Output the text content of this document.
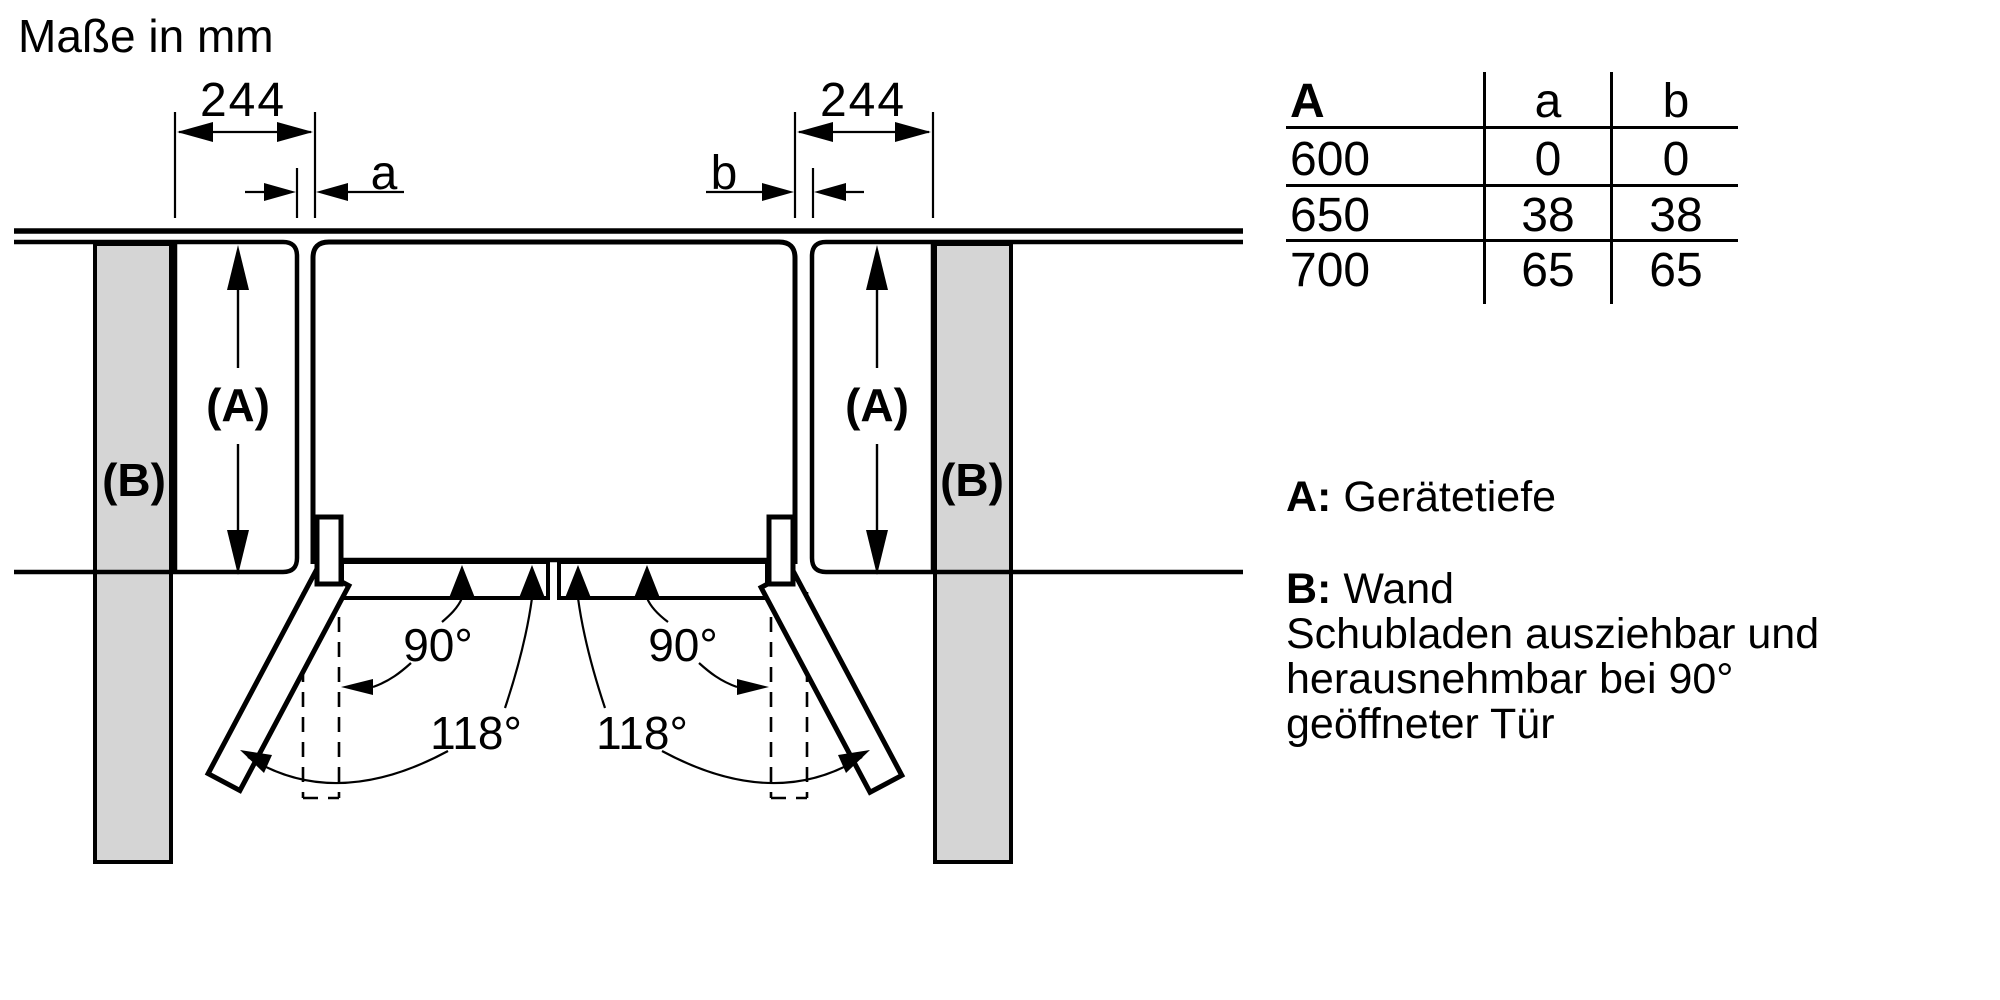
Maße in mm
244	244
a	b
(A)	(A)
(B)	(B)
90°	90°
118° 118°
A	a	b
600	0	0
650	38 38
700	65 65
A: Gerätetiefe
B: Wand
Schubladen ausziehbar und
herausnehmbar bei 90°
geöffneter Tür
